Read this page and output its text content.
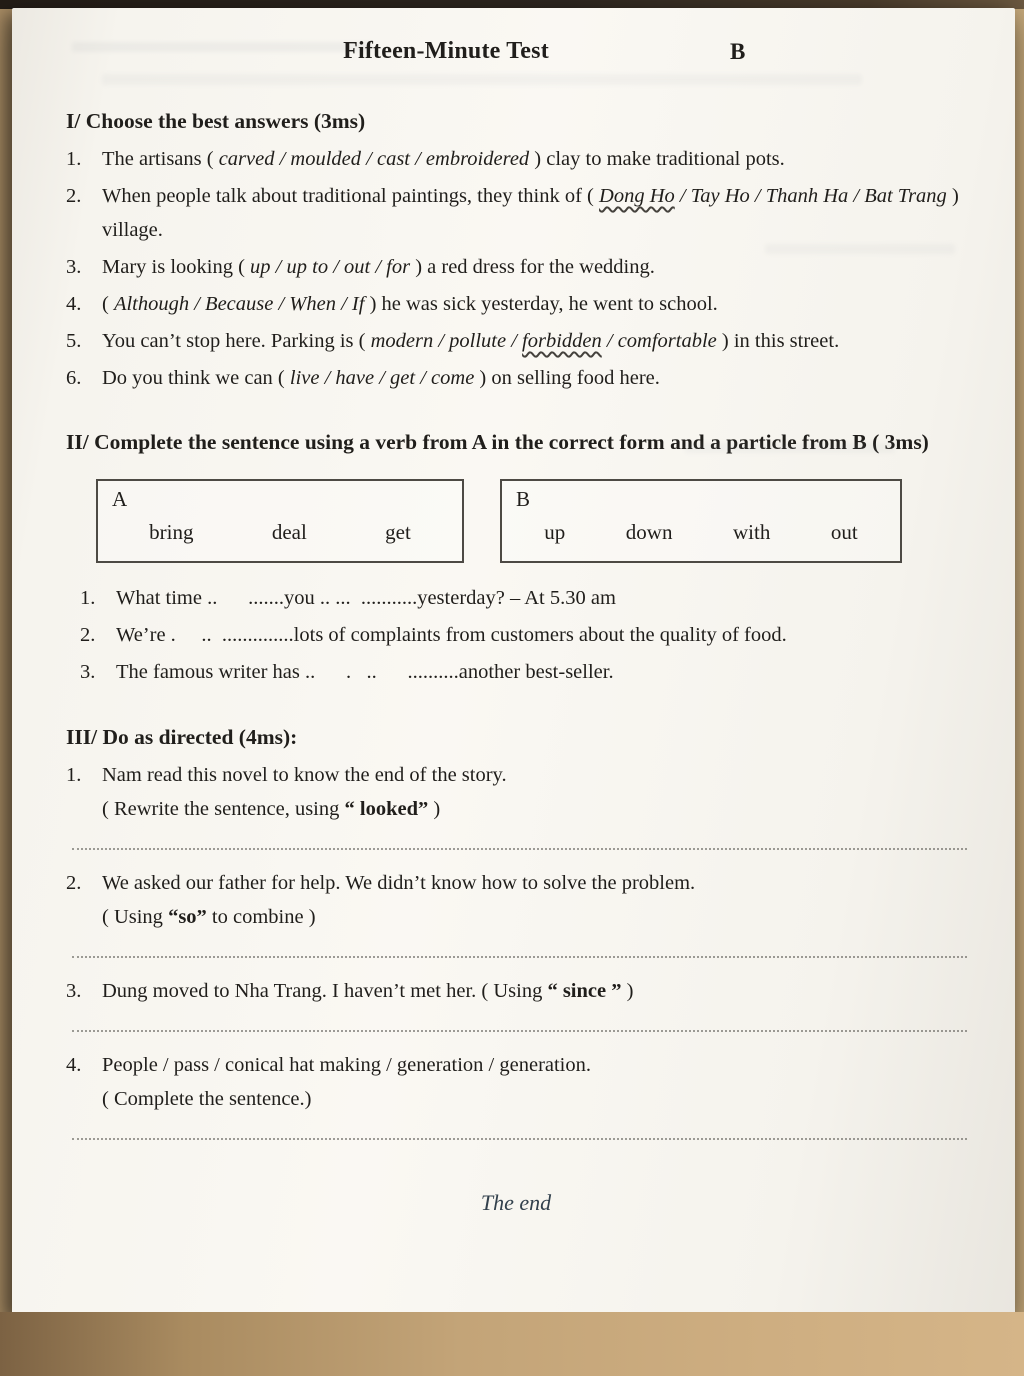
Fifteen-Minute Test	B
I/ Choose the best answers (3ms)
1.	The artisans ( carved / moulded / cast / embroidered ) clay to make traditional pots.
2.	When people talk about traditional paintings, they think of ( Dong Ho / Tay Ho / Thanh Ha / Bat Trang ) village.
3.	Mary is looking ( up / up to / out / for ) a red dress for the wedding.
4.	( Although / Because / When / If ) he was sick yesterday, he went to school.
5.	You can’t stop here. Parking is ( modern / pollute / forbidden / comfortable ) in this street.
6.	Do you think we can ( live / have / get / come ) on selling food here.
II/ Complete the sentence using a verb from A in the correct form and a particle from B ( 3ms)
A
bring	deal	get
B
up	down	with	out
1.	What time ..      .......you .. ...  ...........yesterday? – At 5.30 am
2.	We’re .     ..  ..............lots of complaints from customers about the quality of food.
3.	The famous writer has ..      .   ..      ..........another best-seller.
III/ Do as directed (4ms):
1.	Nam read this novel to know the end of the story.
( Rewrite the sentence, using “ looked” )
2.	We asked our father for help. We didn’t know how to solve the problem.
( Using “so” to combine )
3.	Dung moved to Nha Trang. I haven’t met her. ( Using “ since ” )
4.	People / pass / conical hat making / generation / generation.
( Complete the sentence.)
The end
